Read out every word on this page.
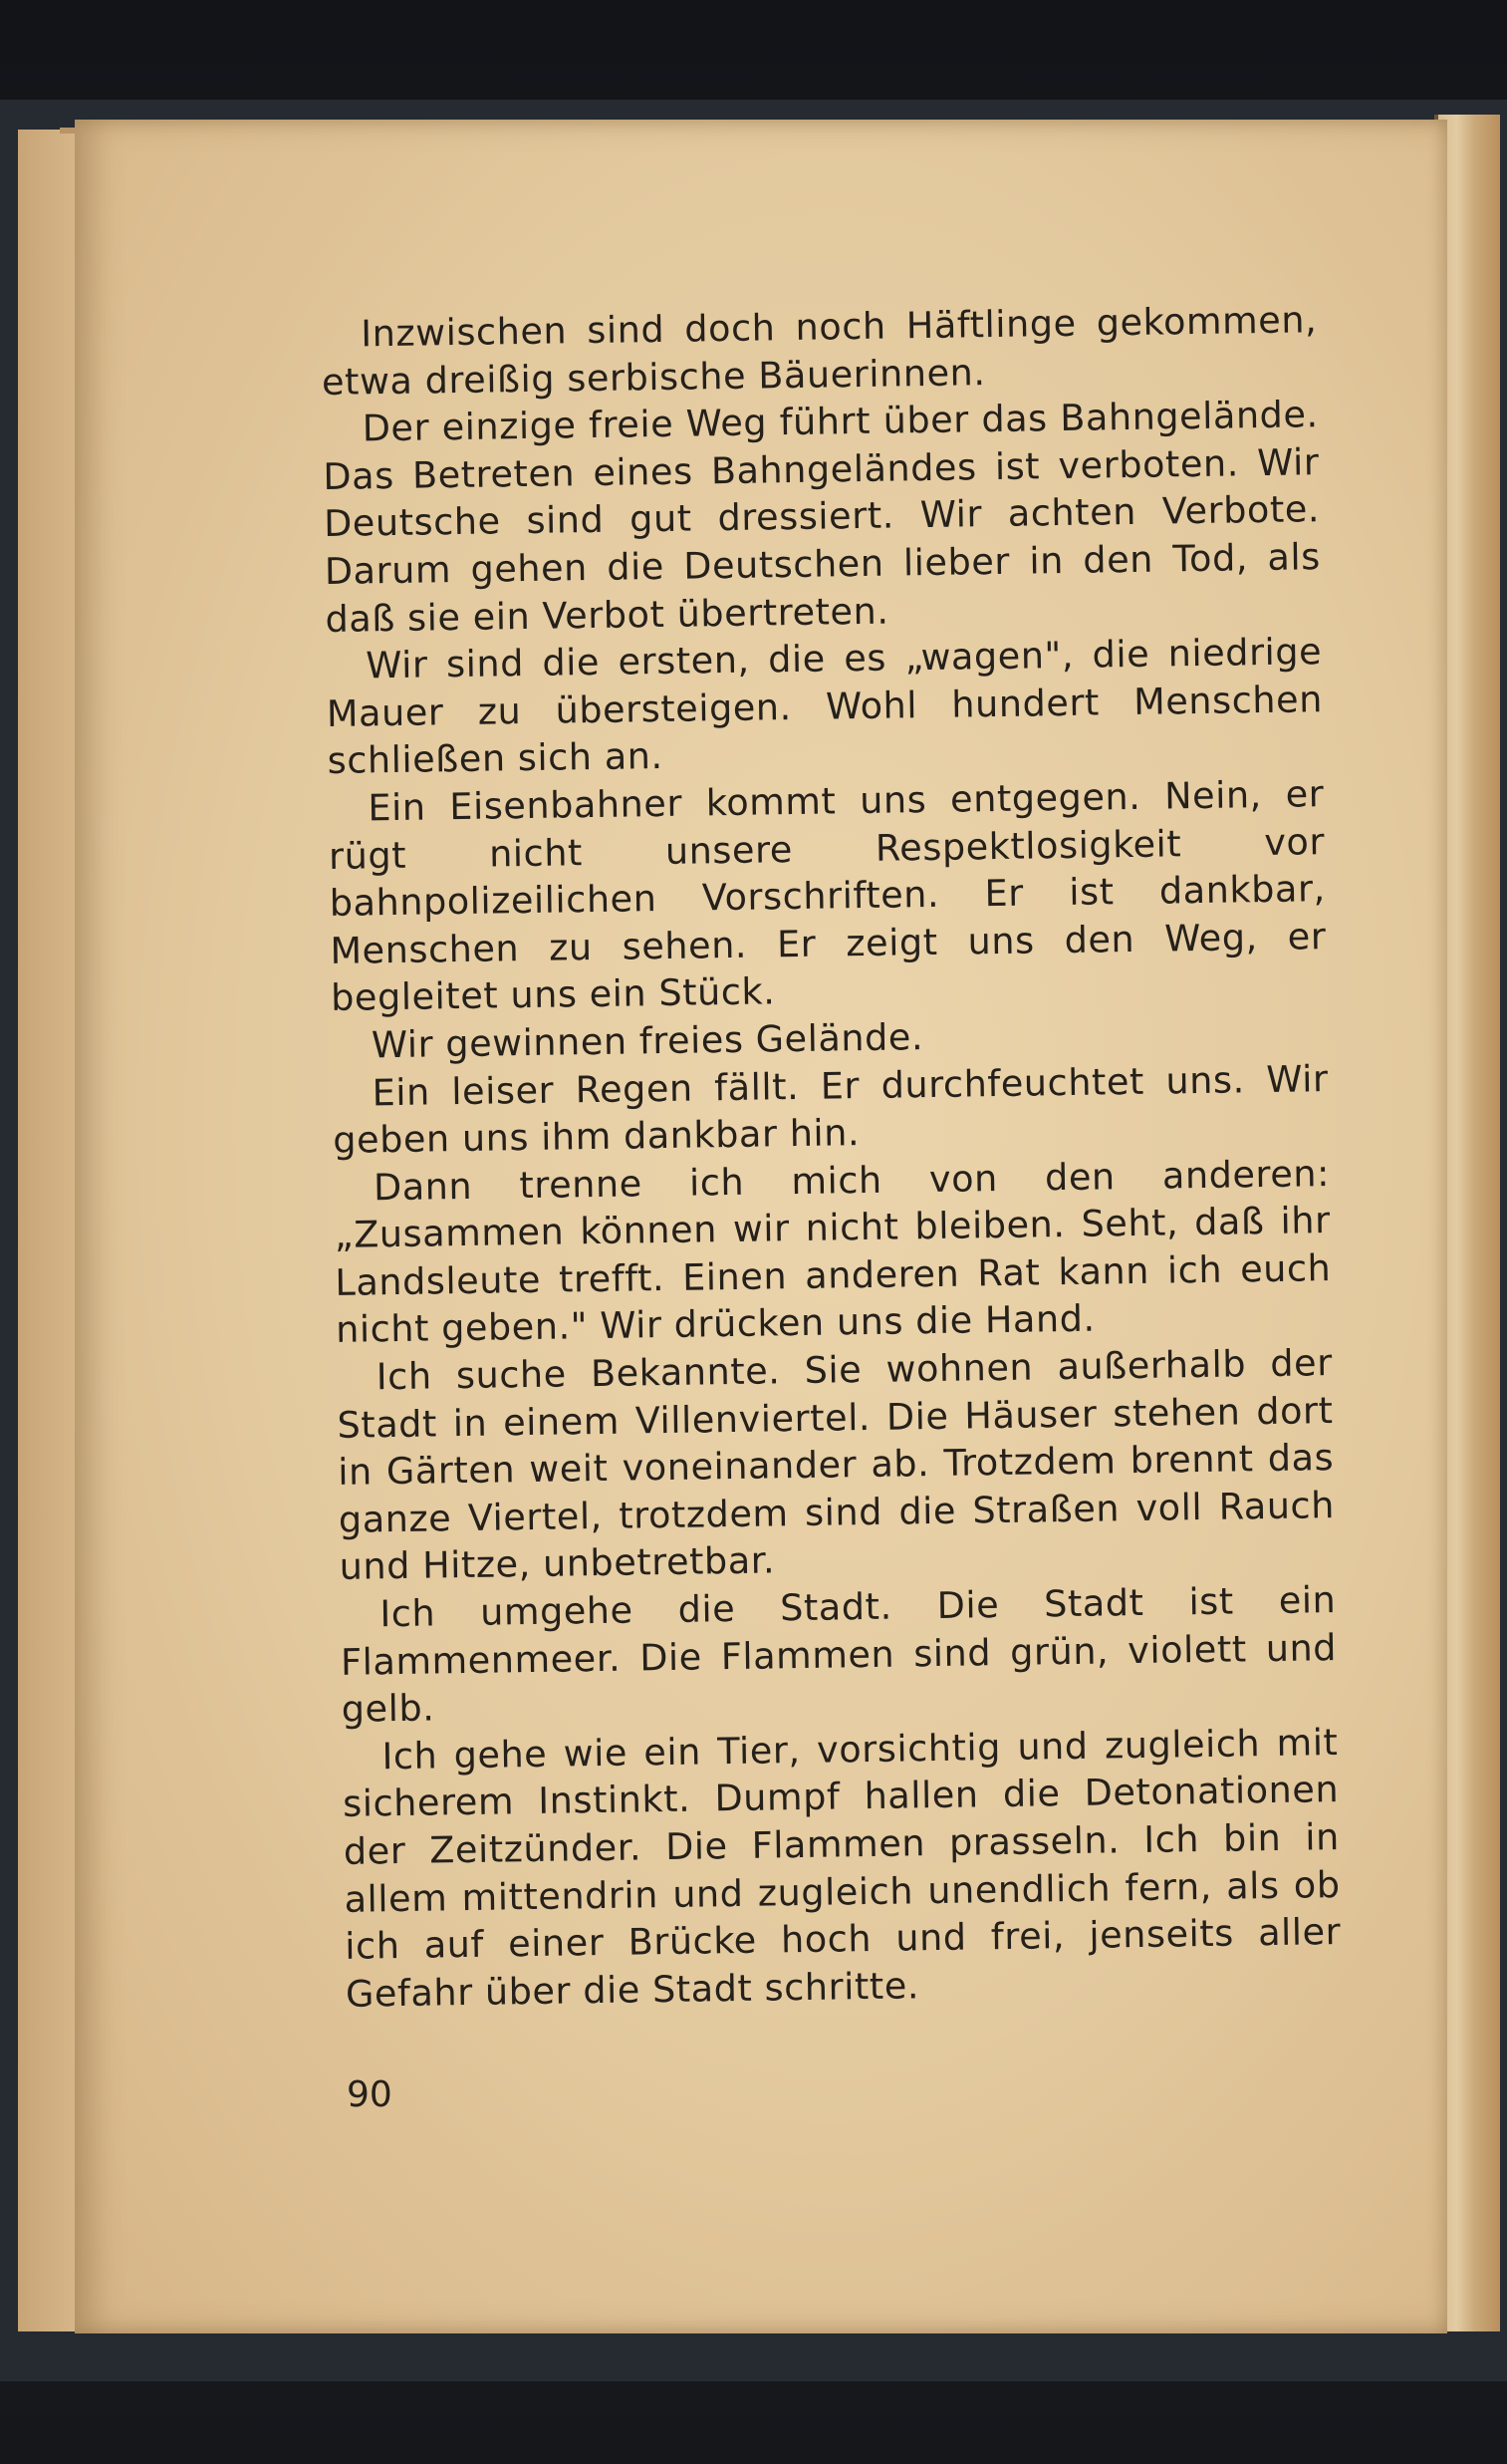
Inzwischen sind doch noch Häftlinge gekommen, etwa dreißig serbische Bäuerinnen.

Der einzige freie Weg führt über das Bahngelände. Das Betreten eines Bahngeländes ist verboten. Wir Deutsche sind gut dressiert. Wir achten Verbote. Darum gehen die Deutschen lieber in den Tod, als daß sie ein Verbot übertreten.

Wir sind die ersten, die es „wagen", die niedrige Mauer zu übersteigen. Wohl hundert Menschen schließen sich an.

Ein Eisenbahner kommt uns entgegen. Nein, er rügt nicht unsere Respektlosigkeit vor bahnpolizeilichen Vorschriften. Er ist dankbar, Menschen zu sehen. Er zeigt uns den Weg, er begleitet uns ein Stück.

Wir gewinnen freies Gelände.

Ein leiser Regen fällt. Er durchfeuchtet uns. Wir geben uns ihm dankbar hin.

Dann trenne ich mich von den anderen: „Zusammen können wir nicht bleiben. Seht, daß ihr Landsleute trefft. Einen anderen Rat kann ich euch nicht geben." Wir drücken uns die Hand.

Ich suche Bekannte. Sie wohnen außerhalb der Stadt in einem Villenviertel. Die Häuser stehen dort in Gärten weit voneinander ab. Trotzdem brennt das ganze Viertel, trotzdem sind die Straßen voll Rauch und Hitze, unbetretbar.

Ich umgehe die Stadt. Die Stadt ist ein Flammenmeer. Die Flammen sind grün, violett und gelb.

Ich gehe wie ein Tier, vorsichtig und zugleich mit sicherem Instinkt. Dumpf hallen die Detonationen der Zeitzünder. Die Flammen prasseln. Ich bin in allem mittendrin und zugleich unendlich fern, als ob ich auf einer Brücke hoch und frei, jenseits aller Gefahr über die Stadt schritte.

90
